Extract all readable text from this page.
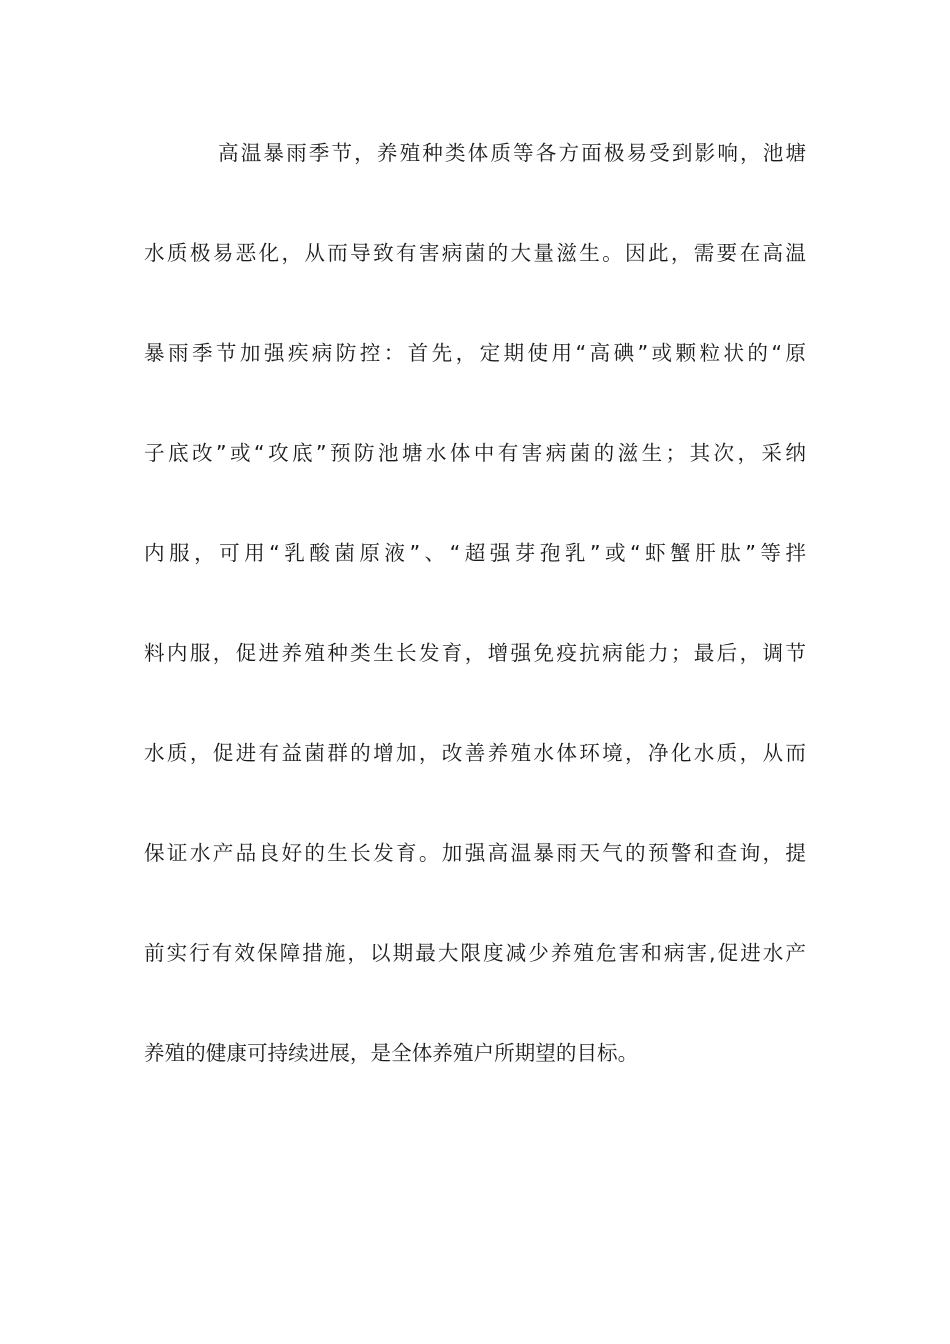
高温暴雨季节，养殖种类体质等各方面极易受到影响，池塘
水质极易恶化，从而导致有害病菌的大量滋生。因此，需要在高温
暴雨季节加强疾病防控：首先，定期使用“高碘”或颗粒状的“原
子底改”或“攻底”预防池塘水体中有害病菌的滋生；其次，采纳
内服，可用“乳酸菌原液”、“超强芽孢乳”或“虾蟹肝肽”等拌
料内服，促进养殖种类生长发育，增强免疫抗病能力；最后，调节
水质，促进有益菌群的增加，改善养殖水体环境，净化水质，从而
保证水产品良好的生长发育。加强高温暴雨天气的预警和查询，提
前实行有效保障措施，以期最大限度减少养殖危害和病害,促进水产
养殖的健康可持续进展，是全体养殖户所期望的目标。
